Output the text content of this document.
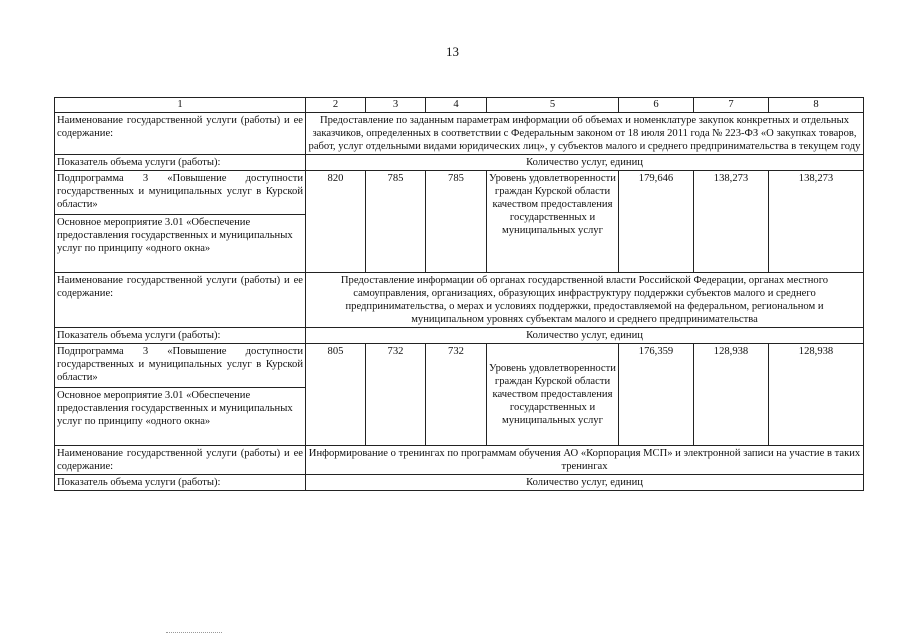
13
1	2	3	4	5	6	7	8
Наименование государственной услуги (работы) и ее содержание:	Предоставление по заданным параметрам информации об объемах и номенклатуре закупок конкретных и отдельных заказчиков, определенных в соответствии с Федеральным законом от 18 июля 2011 года № 223-ФЗ «О закупках товаров, работ, услуг отдельными видами юридических лиц», у субъектов малого и среднего предпринимательства в текущем году						
Показатель объема услуги (работы):	Количество услуг, единиц						
Подпрограмма 3 «Повышение доступности государственных и муниципальных услуг в Курской области»	820	785	785	Уровень удовлетворенности граждан Курской области качеством предоставления государственных и муниципальных услуг	179,646	138,273	138,273
Основное мероприятие 3.01 «Обеспечение предоставления государственных и муниципальных услуг по принципу «одного окна»							
Наименование государственной услуги (работы) и ее содержание:	Предоставление информации об органах государственной власти Российской Федерации, органах местного самоуправления, организациях, образующих инфраструктуру поддержки субъектов малого и среднего предпринимательства, о мерах и условиях поддержки, предоставляемой на федеральном, региональном и муниципальном уровнях субъектам малого и среднего предпринимательства						
Показатель объема услуги (работы):	Количество услуг, единиц						
Подпрограмма 3 «Повышение доступности государственных и муниципальных услуг в Курской области»	805	732	732	Уровень удовлетворенности граждан Курской области качеством предоставления государственных и муниципальных услуг	176,359	128,938	128,938
Основное мероприятие 3.01 «Обеспечение предоставления государственных и муниципальных услуг по принципу «одного окна»							
Наименование государственной услуги (работы) и ее содержание:	Информирование о тренингах по программам обучения АО «Корпорация МСП» и электронной записи на участие в таких тренингах						
Показатель объема услуги (работы):	Количество услуг, единиц						
